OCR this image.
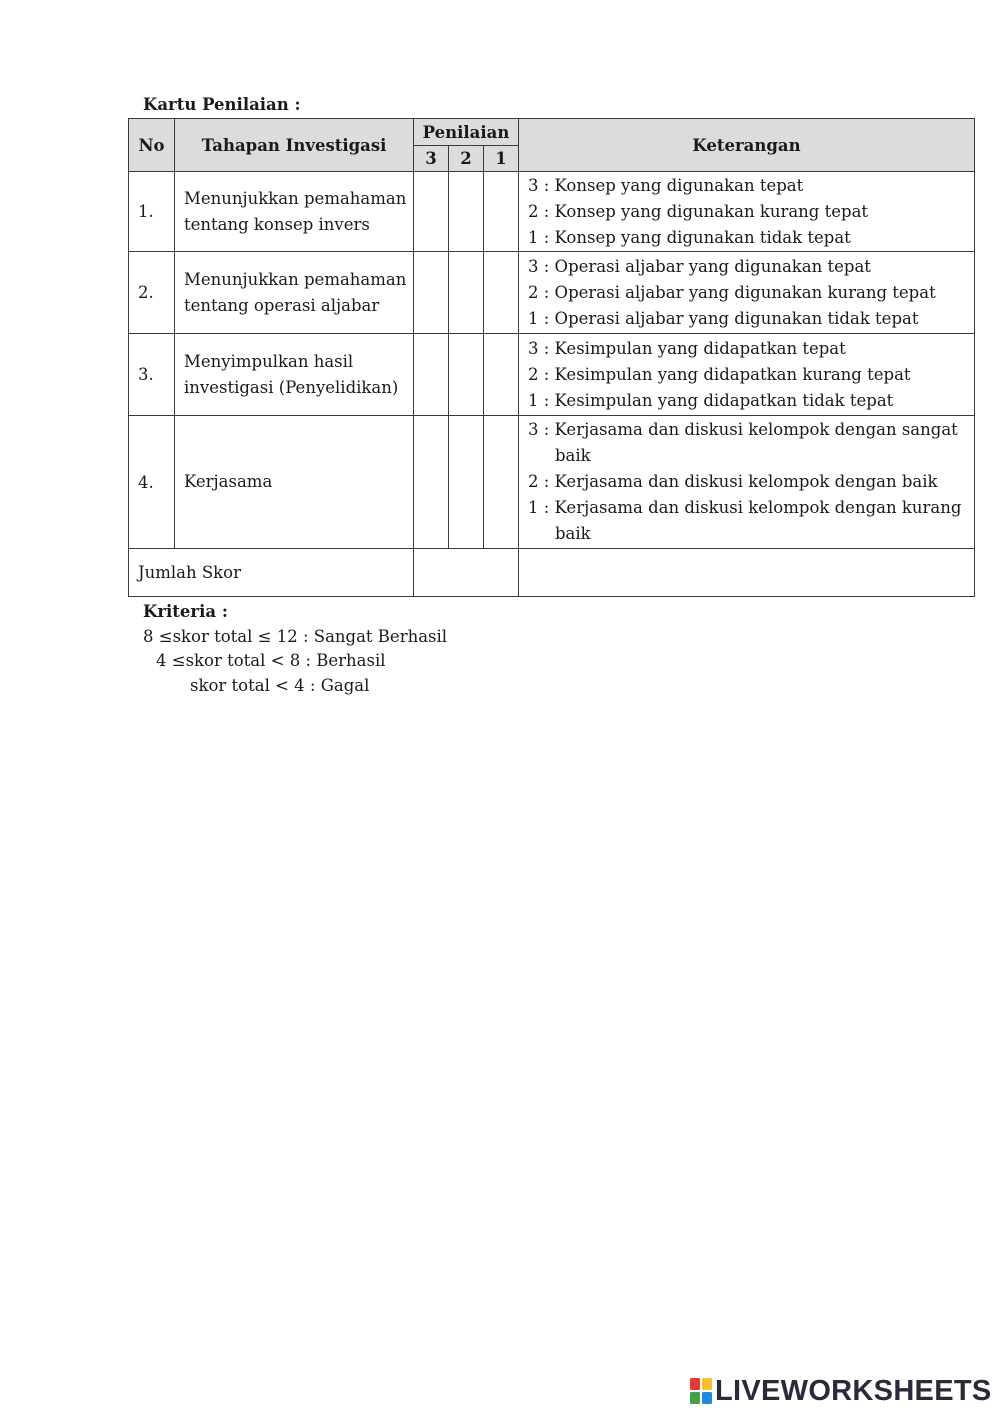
Kartu Penilaian :
No	Tahapan Investigasi	Penilaian			Keterangan
		3	2	1	
1.	Menunjukkan pemahaman tentang konsep invers				3 : Konsep yang digunakan tepat
2 : Konsep yang digunakan kurang tepat
1 : Konsep yang digunakan tidak tepat

2.	Menunjukkan pemahaman tentang operasi aljabar				3 : Operasi aljabar yang digunakan tepat
2 : Operasi aljabar yang digunakan kurang tepat
1 : Operasi aljabar yang digunakan tidak tepat

3.	Menyimpulkan hasil investigasi (Penyelidikan)				3 : Kesimpulan yang didapatkan tepat
2 : Kesimpulan yang didapatkan kurang tepat
1 : Kesimpulan yang didapatkan tidak tepat

4.	Kerjasama				3 : Kerjasama dan diskusi kelompok dengan sangat baik
2 : Kerjasama dan diskusi kelompok dengan baik
1 : Kerjasama dan diskusi kelompok dengan kurang baik

Jumlah Skor					
Kriteria :
8 ≤skor total ≤ 12 : Sangat Berhasil
4 ≤skor total < 8 : Berhasil
skor total < 4 : Gagal
LIVEWORKSHEETS
